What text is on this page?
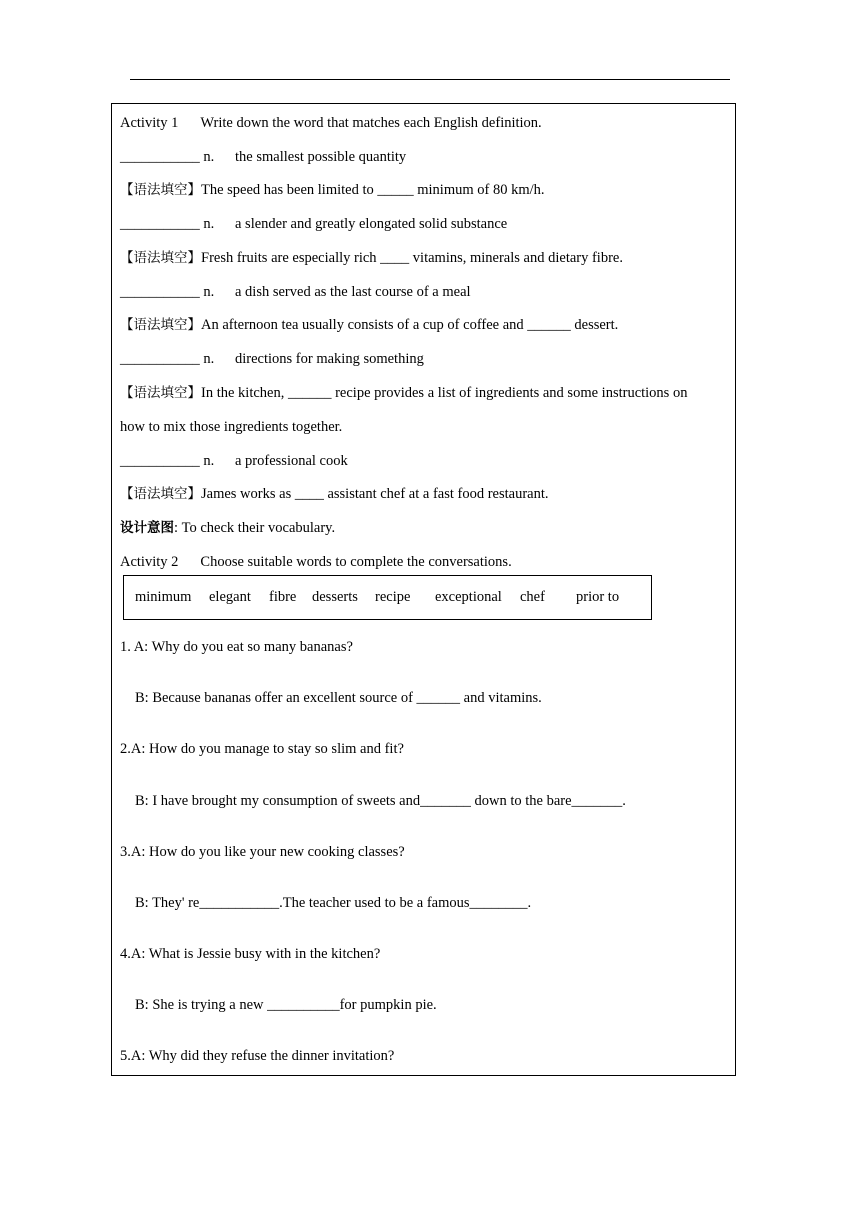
Activity 1 Write down the word that matches each English definition.
___________ n. the smallest possible quantity
【语法填空】The speed has been limited to _____ minimum of 80 km/h.
___________ n. a slender and greatly elongated solid substance
【语法填空】Fresh fruits are especially rich ____ vitamins, minerals and dietary fibre.
___________ n. a dish served as the last course of a meal
【语法填空】An afternoon tea usually consists of a cup of coffee and ______ dessert.
___________ n. directions for making something
【语法填空】In the kitchen, ______ recipe provides a list of ingredients and some instructions on
how to mix those ingredients together.
___________ n. a professional cook
【语法填空】James works as ____ assistant chef at a fast food restaurant.
设计意图: To check their vocabulary.
Activity 2 Choose suitable words to complete the conversations.
minimum elegant fibre desserts recipe exceptional chef prior to
1. A: Why do you eat so many bananas?
B: Because bananas offer an excellent source of ______ and vitamins.
2.A: How do you manage to stay so slim and fit?
B: I have brought my consumption of sweets and_______ down to the bare_______.
3.A: How do you like your new cooking classes?
B: They' re___________.The teacher used to be a famous________.
4.A: What is Jessie busy with in the kitchen?
B: She is trying a new __________for pumpkin pie.
5.A: Why did they refuse the dinner invitation?
